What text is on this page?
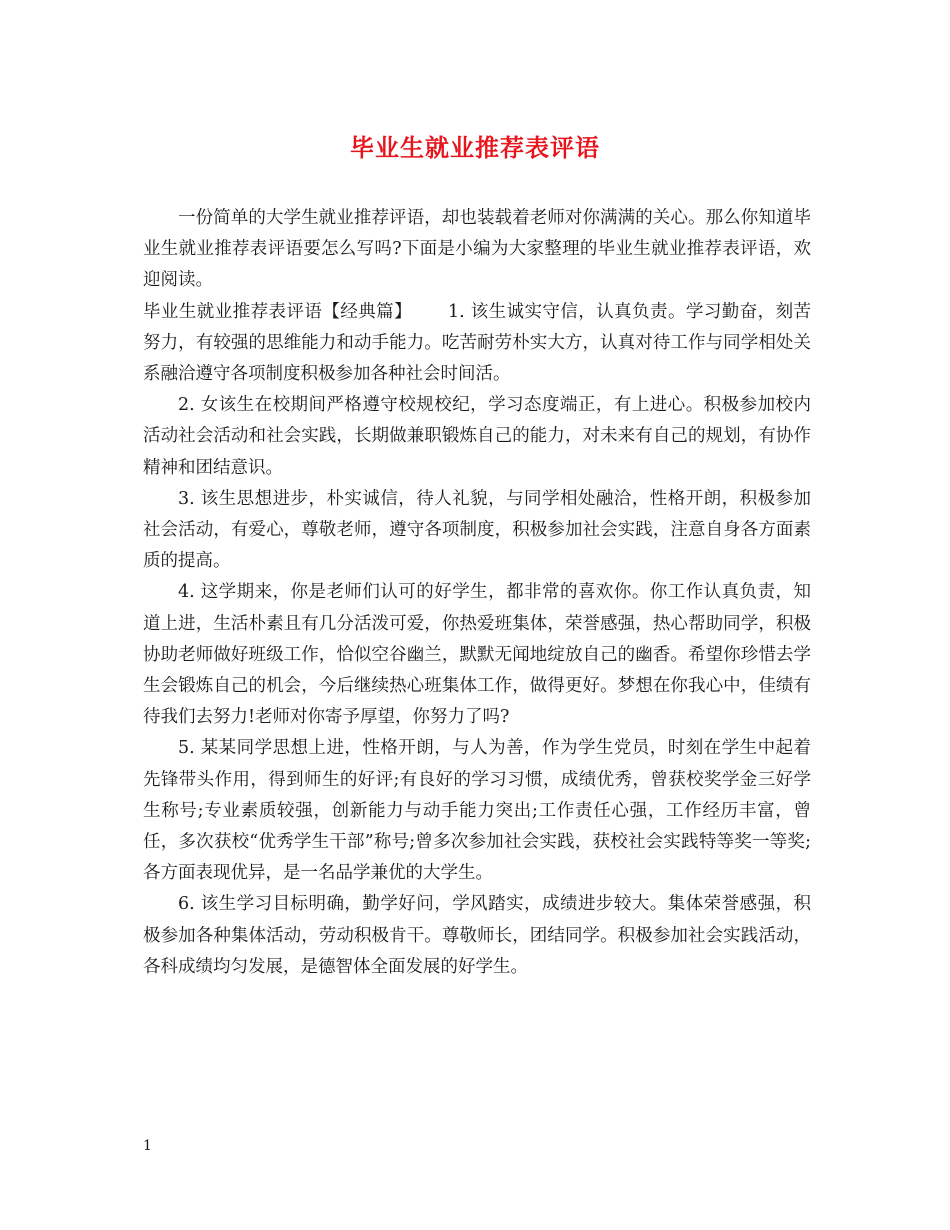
毕业生就业推荐表评语

一份简单的大学生就业推荐评语，却也装载着老师对你满满的关心。那么你知道毕业生就业推荐表评语要怎么写吗?下面是小编为大家整理的毕业生就业推荐表评语，欢迎阅读。

毕业生就业推荐表评语【经典篇】 1. 该生诚实守信，认真负责。学习勤奋，刻苦努力，有较强的思维能力和动手能力。吃苦耐劳朴实大方，认真对待工作与同学相处关系融洽遵守各项制度积极参加各种社会时间活。

2. 女该生在校期间严格遵守校规校纪，学习态度端正，有上进心。积极参加校内活动社会活动和社会实践，长期做兼职锻炼自己的能力，对未来有自己的规划，有协作精神和团结意识。

3. 该生思想进步，朴实诚信，待人礼貌，与同学相处融洽，性格开朗，积极参加社会活动，有爱心，尊敬老师，遵守各项制度，积极参加社会实践，注意自身各方面素质的提高。

4. 这学期来，你是老师们认可的好学生，都非常的喜欢你。你工作认真负责，知道上进，生活朴素且有几分活泼可爱，你热爱班集体，荣誉感强，热心帮助同学，积极协助老师做好班级工作，恰似空谷幽兰，默默无闻地绽放自己的幽香。希望你珍惜去学生会锻炼自己的机会，今后继续热心班集体工作，做得更好。梦想在你我心中，佳绩有待我们去努力!老师对你寄予厚望，你努力了吗?

5. 某某同学思想上进，性格开朗，与人为善，作为学生党员，时刻在学生中起着先锋带头作用，得到师生的好评;有良好的学习习惯，成绩优秀，曾获校奖学金三好学生称号;专业素质较强，创新能力与动手能力突出;工作责任心强，工作经历丰富，曾任，多次获校“优秀学生干部”称号;曾多次参加社会实践，获校社会实践特等奖一等奖;各方面表现优异，是一名品学兼优的大学生。

6. 该生学习目标明确，勤学好问，学风踏实，成绩进步较大。集体荣誉感强，积极参加各种集体活动，劳动积极肯干。尊敬师长，团结同学。积极参加社会实践活动，各科成绩均匀发展，是德智体全面发展的好学生。

1
